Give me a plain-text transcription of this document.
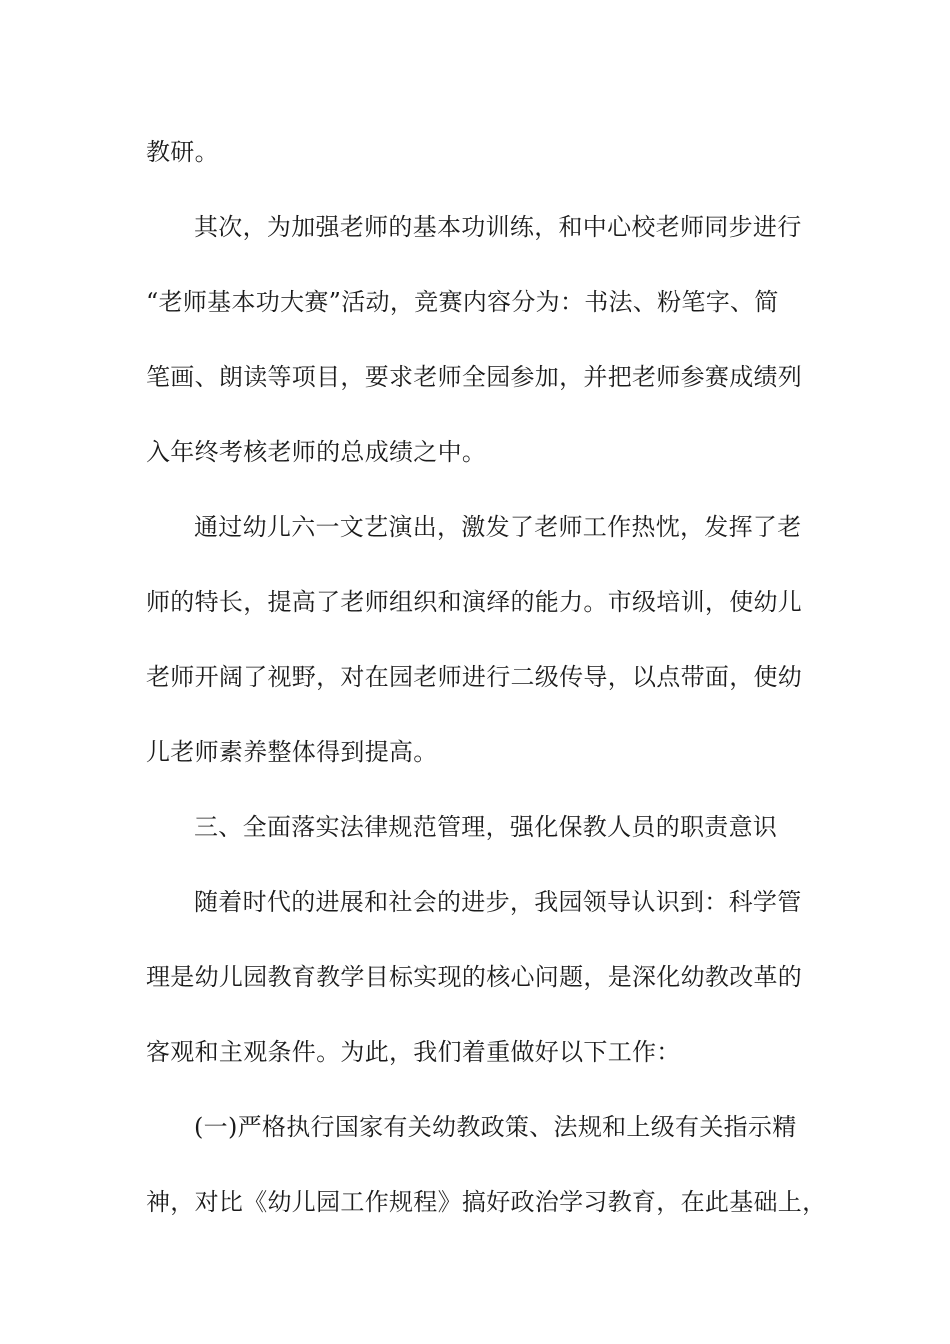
教研。
其次，为加强老师的基本功训练，和中心校老师同步进行
“老师基本功大赛”活动，竞赛内容分为：书法、粉笔字、简
笔画、朗读等项目，要求老师全园参加，并把老师参赛成绩列
入年终考核老师的总成绩之中。
通过幼儿六一文艺演出，激发了老师工作热忱，发挥了老
师的特长，提高了老师组织和演绎的能力。市级培训，使幼儿
老师开阔了视野，对在园老师进行二级传导，以点带面，使幼
儿老师素养整体得到提高。
三、全面落实法律规范管理，强化保教人员的职责意识
随着时代的进展和社会的进步，我园领导认识到：科学管
理是幼儿园教育教学目标实现的核心问题，是深化幼教改革的
客观和主观条件。为此，我们着重做好以下工作：
(一)严格执行国家有关幼教政策、法规和上级有关指示精
神，对比《幼儿园工作规程》搞好政治学习教育，在此基础上，
